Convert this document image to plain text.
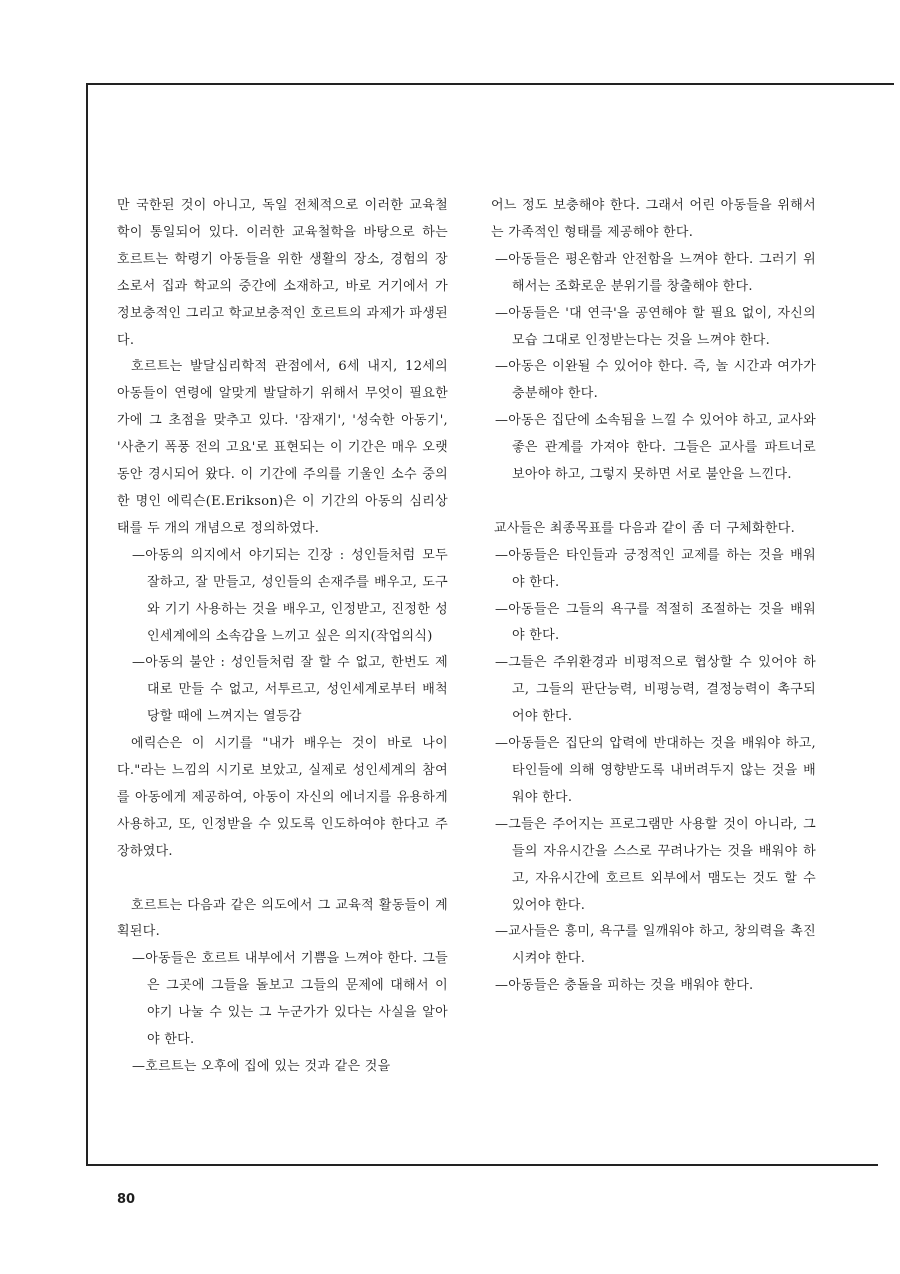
만 국한된 것이 아니고, 독일 전체적으로 이러한 교육철학이 통일되어 있다. 이러한 교육철학을 바탕으로 하는 호르트는 학령기 아동들을 위한 생활의 장소, 경험의 장소로서 집과 학교의 중간에 소재하고, 바로 거기에서 가정보충적인 그리고 학교보충적인 호르트의 과제가 파생된다.

호르트는 발달심리학적 관점에서, 6세 내지, 12세의 아동들이 연령에 알맞게 발달하기 위해서 무엇이 필요한가에 그 초점을 맞추고 있다. '잠재기', '성숙한 아동기', '사춘기 폭풍 전의 고요'로 표현되는 이 기간은 매우 오랫동안 경시되어 왔다. 이 기간에 주의를 기울인 소수 중의 한 명인 에릭슨(E.Erikson)은 이 기간의 아동의 심리상태를 두 개의 개념으로 정의하였다.

—아동의 의지에서 야기되는 긴장 : 성인들처럼 모두 잘하고, 잘 만들고, 성인들의 손재주를 배우고, 도구와 기기 사용하는 것을 배우고, 인정받고, 진정한 성인세계에의 소속감을 느끼고 싶은 의지(작업의식)

—아동의 불안 : 성인들처럼 잘 할 수 없고, 한번도 제대로 만들 수 없고, 서투르고, 성인세계로부터 배척당할 때에 느껴지는 열등감

에릭슨은 이 시기를 "내가 배우는 것이 바로 나이다."라는 느낌의 시기로 보았고, 실제로 성인세계의 참여를 아동에게 제공하여, 아동이 자신의 에너지를 유용하게 사용하고, 또, 인정받을 수 있도록 인도하여야 한다고 주장하였다.

호르트는 다음과 같은 의도에서 그 교육적 활동들이 계획된다.

—아동들은 호르트 내부에서 기쁨을 느껴야 한다. 그들은 그곳에 그들을 돌보고 그들의 문제에 대해서 이야기 나눌 수 있는 그 누군가가 있다는 사실을 알아야 한다.

—호르트는 오후에 집에 있는 것과 같은 것을

어느 정도 보충해야 한다. 그래서 어린 아동들을 위해서는 가족적인 형태를 제공해야 한다.

—아동들은 평온함과 안전함을 느껴야 한다. 그러기 위해서는 조화로운 분위기를 창출해야 한다.

—아동들은 '대 연극'을 공연해야 할 필요 없이, 자신의 모습 그대로 인정받는다는 것을 느껴야 한다.

—아동은 이완될 수 있어야 한다. 즉, 놀 시간과 여가가 충분해야 한다.

—아동은 집단에 소속됨을 느낄 수 있어야 하고, 교사와 좋은 관계를 가져야 한다. 그들은 교사를 파트너로 보아야 하고, 그렇지 못하면 서로 불안을 느낀다.

교사들은 최종목표를 다음과 같이 좀 더 구체화한다.

—아동들은 타인들과 긍정적인 교제를 하는 것을 배워야 한다.

—아동들은 그들의 욕구를 적절히 조절하는 것을 배워야 한다.

—그들은 주위환경과 비평적으로 협상할 수 있어야 하고, 그들의 판단능력, 비평능력, 결정능력이 촉구되어야 한다.

—아동들은 집단의 압력에 반대하는 것을 배워야 하고, 타인들에 의해 영향받도록 내버려두지 않는 것을 배워야 한다.

—그들은 주어지는 프로그램만 사용할 것이 아니라, 그들의 자유시간을 스스로 꾸려나가는 것을 배워야 하고, 자유시간에 호르트 외부에서 맴도는 것도 할 수 있어야 한다.

—교사들은 흥미, 욕구를 일깨워야 하고, 창의력을 촉진시켜야 한다.

—아동들은 충돌을 피하는 것을 배워야 한다.

80
